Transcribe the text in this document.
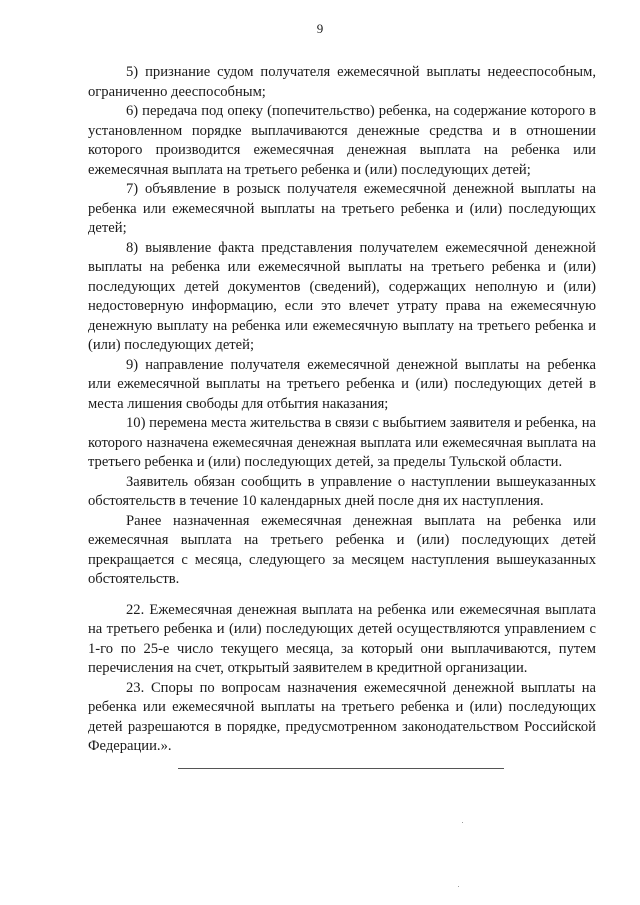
9

5) признание судом получателя ежемесячной выплаты недееспособным, ограниченно дееспособным;

6) передача под опеку (попечительство) ребенка, на содержание которого в установленном порядке выплачиваются денежные средства и в отношении которого производится ежемесячная денежная выплата на ребенка или ежемесячная выплата на третьего ребенка и (или) последующих детей;

7) объявление в розыск получателя ежемесячной денежной выплаты на ребенка или ежемесячной выплаты на третьего ребенка и (или) последующих детей;

8) выявление факта представления получателем ежемесячной денежной выплаты на ребенка или ежемесячной выплаты на третьего ребенка и (или) последующих детей документов (сведений), содержащих неполную и (или) недостоверную информацию, если это влечет утрату права на ежемесячную денежную выплату на ребенка или ежемесячную выплату на третьего ребенка и (или) последующих детей;

9) направление получателя ежемесячной денежной выплаты на ребенка или ежемесячной выплаты на третьего ребенка и (или) последующих детей в места лишения свободы для отбытия наказания;

10) перемена места жительства в связи с выбытием заявителя и ребенка, на которого назначена ежемесячная денежная выплата или ежемесячная выплата на третьего ребенка и (или) последующих детей, за пределы Тульской области.

Заявитель обязан сообщить в управление о наступлении вышеуказанных обстоятельств в течение 10 календарных дней после дня их наступления.

Ранее назначенная ежемесячная денежная выплата на ребенка или ежемесячная выплата на третьего ребенка и (или) последующих детей прекращается с месяца, следующего за месяцем наступления вышеуказанных обстоятельств.

22. Ежемесячная денежная выплата на ребенка или ежемесячная выплата на третьего ребенка и (или) последующих детей осуществляются управлением с 1-го по 25-е число текущего месяца, за который они выплачиваются, путем перечисления на счет, открытый заявителем в кредитной организации.

23. Споры по вопросам назначения ежемесячной денежной выплаты на ребенка или ежемесячной выплаты на третьего ребенка и (или) последующих детей разрешаются в порядке, предусмотренном законодательством Российской Федерации.».
